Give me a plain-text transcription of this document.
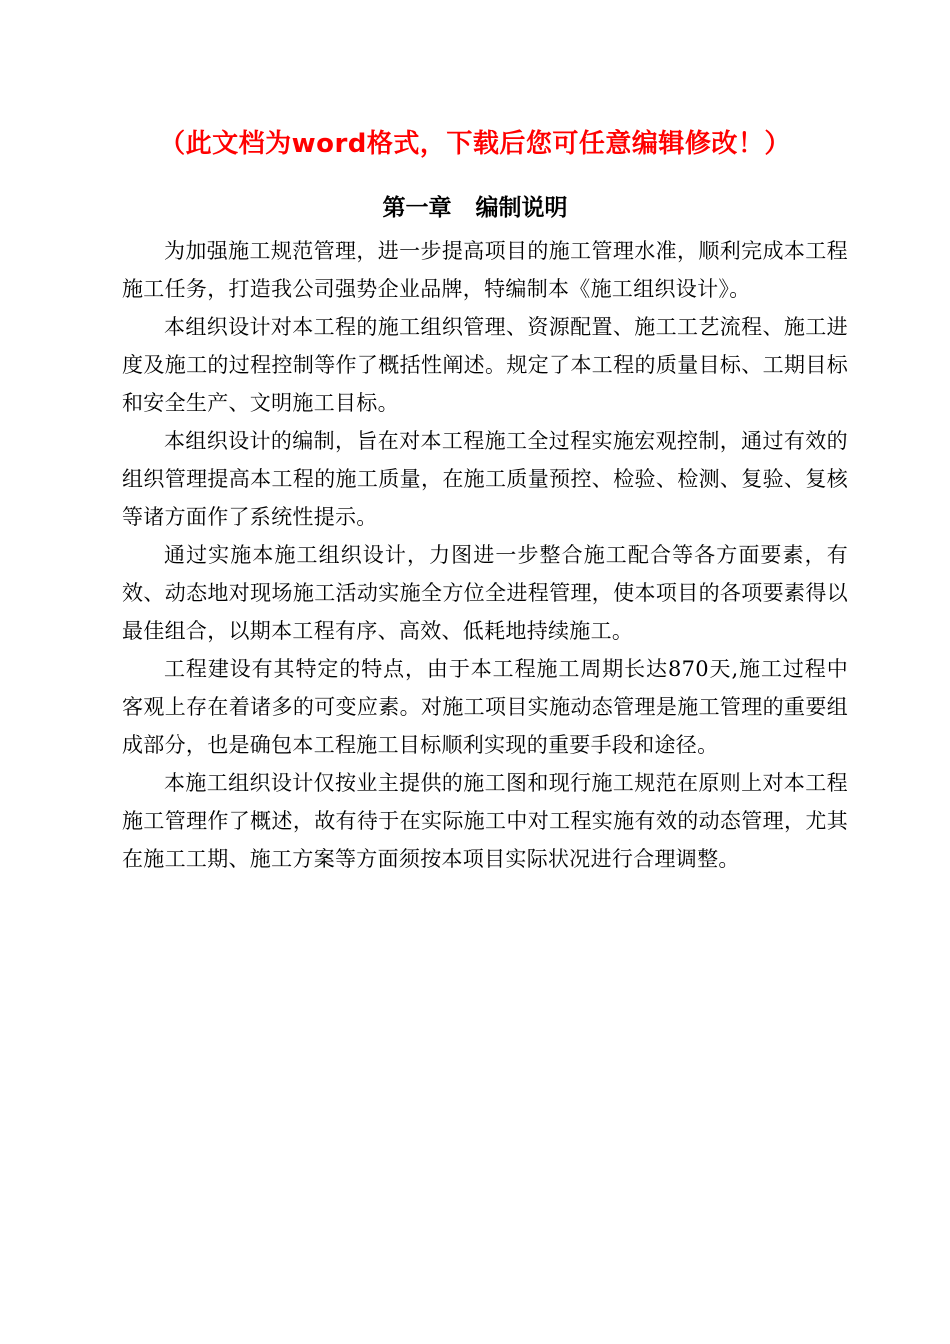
（此文档为word格式，下载后您可任意编辑修改！）
第一章   编制说明

为加强施工规范管理，进一步提高项目的施工管理水准，顺利完成本工程施工任务，打造我公司强势企业品牌，特编制本《施工组织设计》。

本组织设计对本工程的施工组织管理、资源配置、施工工艺流程、施工进度及施工的过程控制等作了概括性阐述。规定了本工程的质量目标、工期目标和安全生产、文明施工目标。

本组织设计的编制，旨在对本工程施工全过程实施宏观控制，通过有效的组织管理提高本工程的施工质量，在施工质量预控、检验、检测、复验、复核等诸方面作了系统性提示。

通过实施本施工组织设计，力图进一步整合施工配合等各方面要素，有效、动态地对现场施工活动实施全方位全进程管理，使本项目的各项要素得以最佳组合，以期本工程有序、高效、低耗地持续施工。

工程建设有其特定的特点，由于本工程施工周期长达870天,施工过程中客观上存在着诸多的可变应素。对施工项目实施动态管理是施工管理的重要组成部分，也是确包本工程施工目标顺利实现的重要手段和途径。

本施工组织设计仅按业主提供的施工图和现行施工规范在原则上对本工程施工管理作了概述，故有待于在实际施工中对工程实施有效的动态管理，尤其在施工工期、施工方案等方面须按本项目实际状况进行合理调整。
